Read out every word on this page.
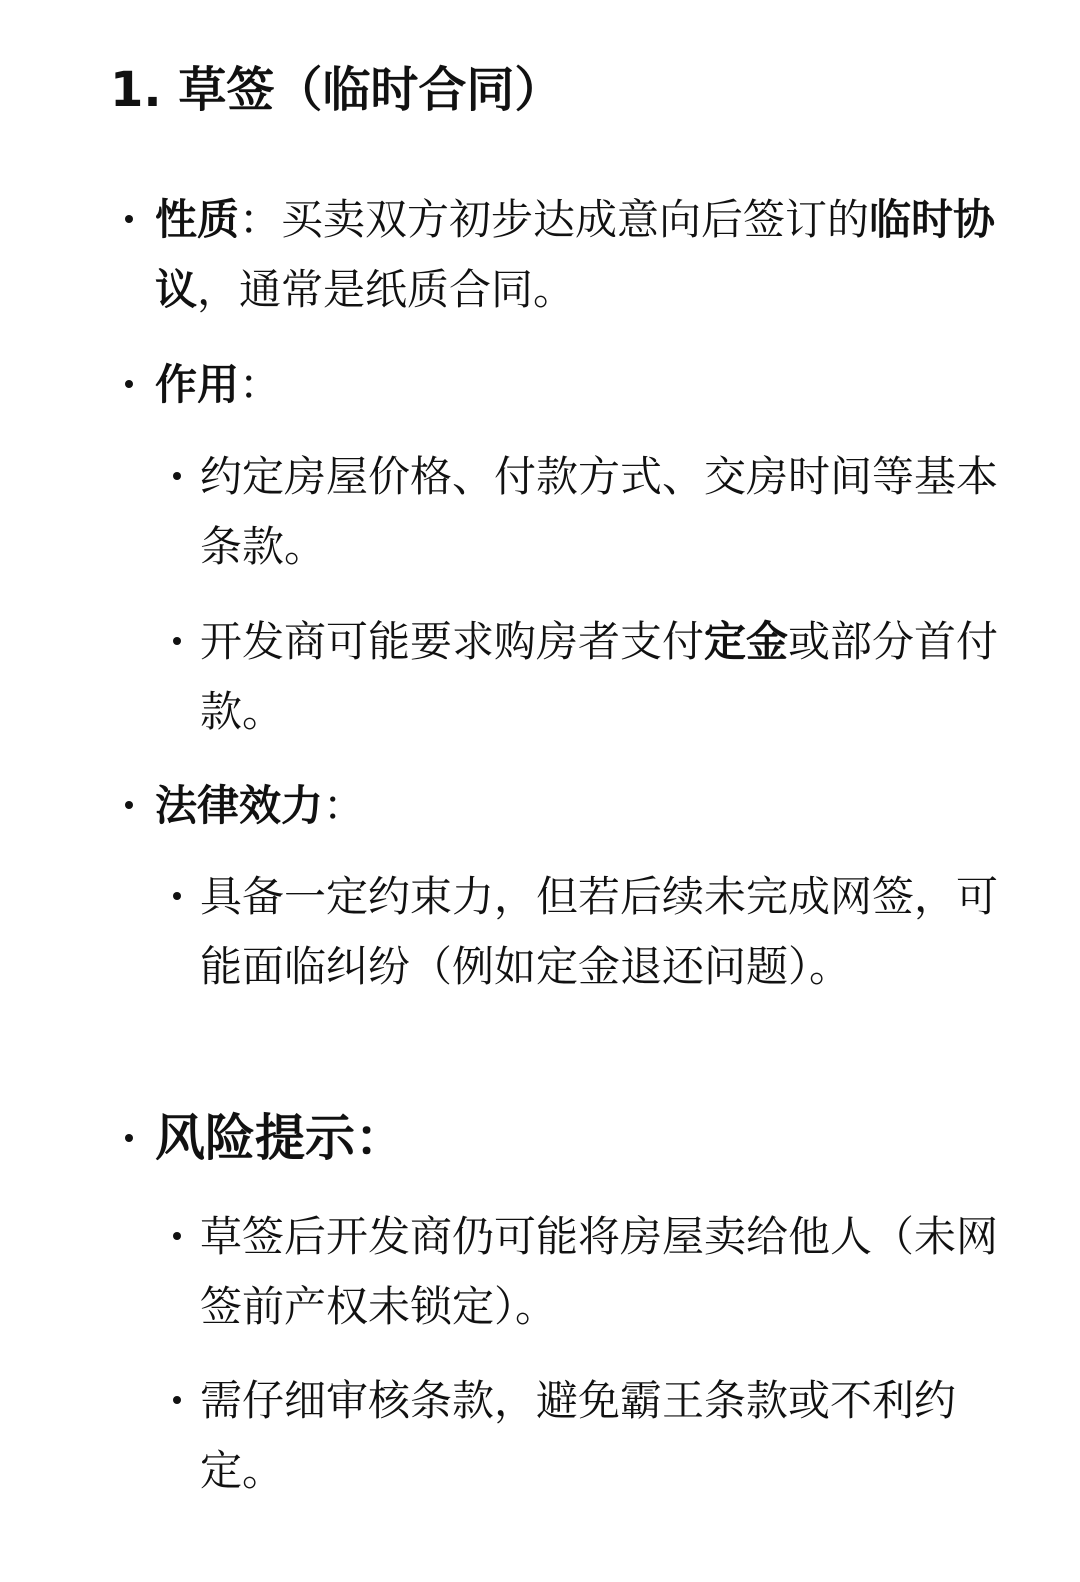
1. 草签（临时合同）
性质：买卖双方初步达成意向后签订的临时协议，通常是纸质合同。
作用：
约定房屋价格、付款方式、交房时间等基本条款。
开发商可能要求购房者支付定金或部分首付款。
法律效力：
具备一定约束力，但若后续未完成网签，可能面临纠纷（例如定金退还问题）。
风险提示：
草签后开发商仍可能将房屋卖给他人（未网签前产权未锁定）。
需仔细审核条款，避免霸王条款或不利约定。
